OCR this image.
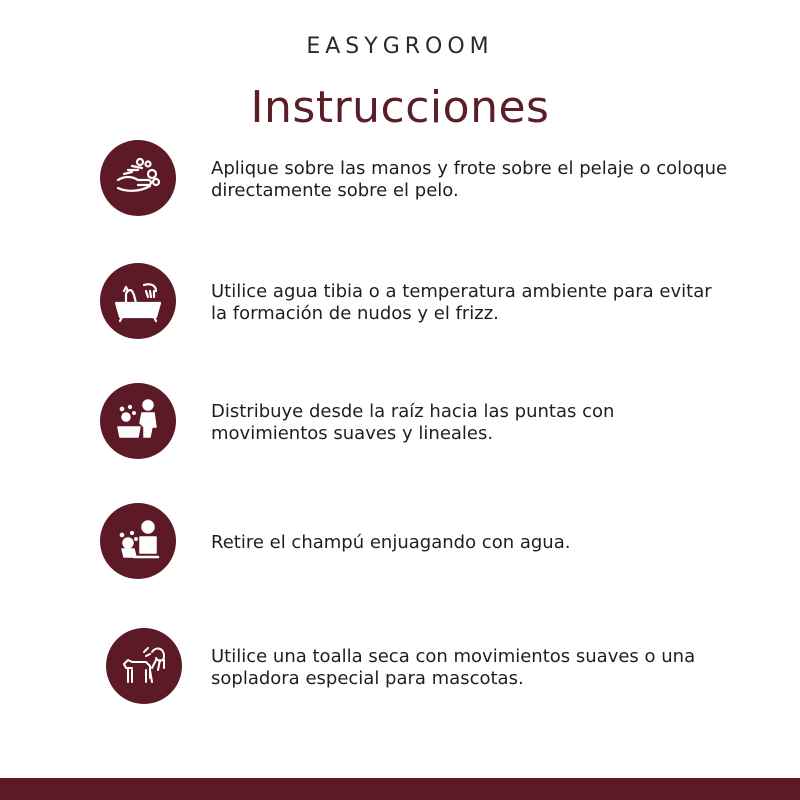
EASYGROOM
Instrucciones
Aplique sobre las manos y frote sobre el pelaje o coloque directamente sobre el pelo.
Utilice agua tibia o a temperatura ambiente para evitar la formación de nudos y el frizz.
Distribuye desde la raíz hacia las puntas con movimientos suaves y lineales.
Retire el champú enjuagando con agua.
Utilice una toalla seca con movimientos suaves o una sopladora especial para mascotas.
